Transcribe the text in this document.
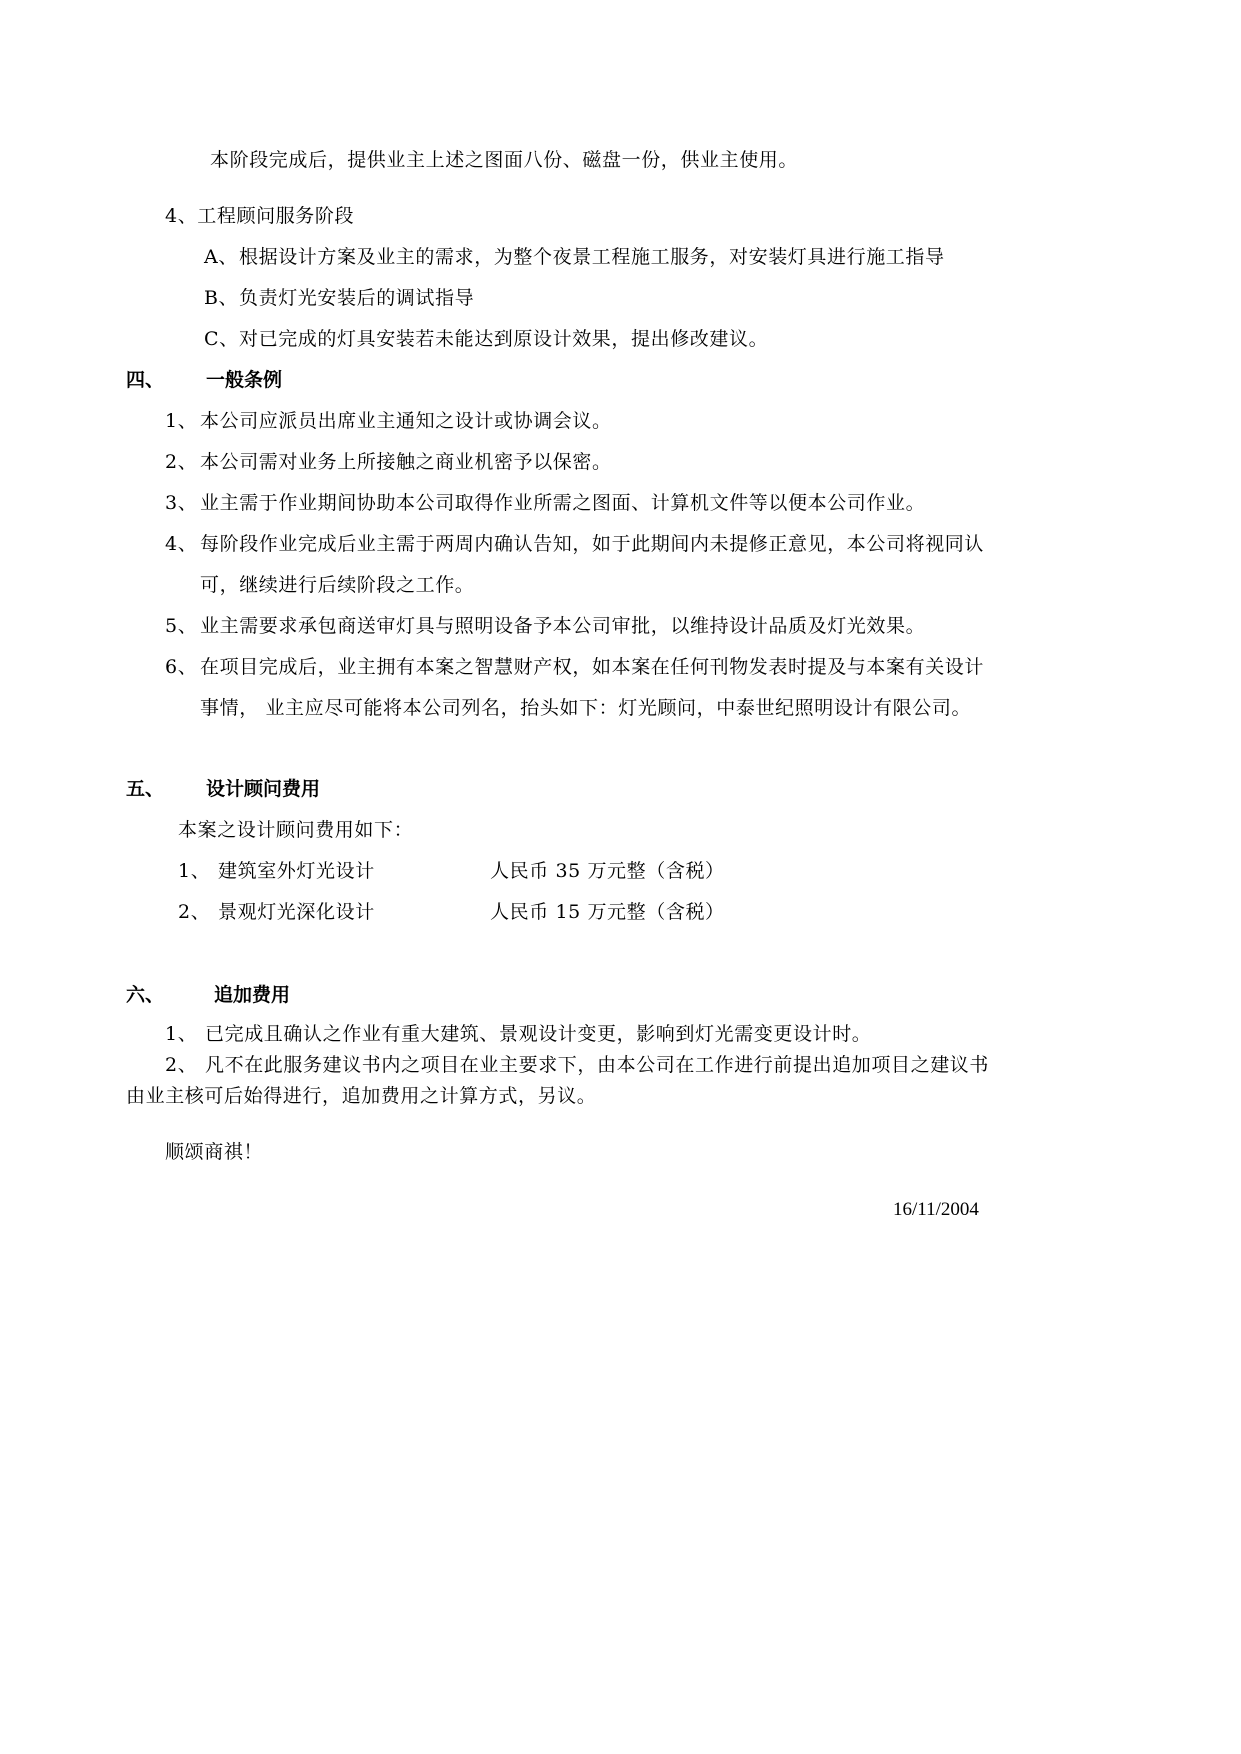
本阶段完成后，提供业主上述之图面八份、磁盘一份，供业主使用。
4、工程顾问服务阶段
A、 根据设计方案及业主的需求，为整个夜景工程施工服务，对安装灯具进行施工指导
B、 负责灯光安装后的调试指导
C、 对已完成的灯具安装若未能达到原设计效果，提出修改建议。
四、 一般条例
1、 本公司应派员出席业主通知之设计或协调会议。
2、 本公司需对业务上所接触之商业机密予以保密。
3、 业主需于作业期间协助本公司取得作业所需之图面、计算机文件等以便本公司作业。
4、 每阶段作业完成后业主需于两周内确认告知，如于此期间内未提修正意见，本公司将视同认
可，继续进行后续阶段之工作。
5、 业主需要求承包商送审灯具与照明设备予本公司审批，以维持设计品质及灯光效果。
6、 在项目完成后，业主拥有本案之智慧财产权，如本案在任何刊物发表时提及与本案有关设计
事情， 业主应尽可能将本公司列名，抬头如下：灯光顾问，中泰世纪照明设计有限公司。
五、 设计顾问费用
本案之设计顾问费用如下：
1、 建筑室外灯光设计	人民币 35 万元整（含税）
2、 景观灯光深化设计	人民币 15 万元整（含税）
六、	追加费用
1、 已完成且确认之作业有重大建筑、景观设计变更，影响到灯光需变更设计时。
2、 凡不在此服务建议书内之项目在业主要求下，由本公司在工作进行前提出追加项目之建议书
由业主核可后始得进行，追加费用之计算方式，另议。
顺颂商祺！
16/11/2004
